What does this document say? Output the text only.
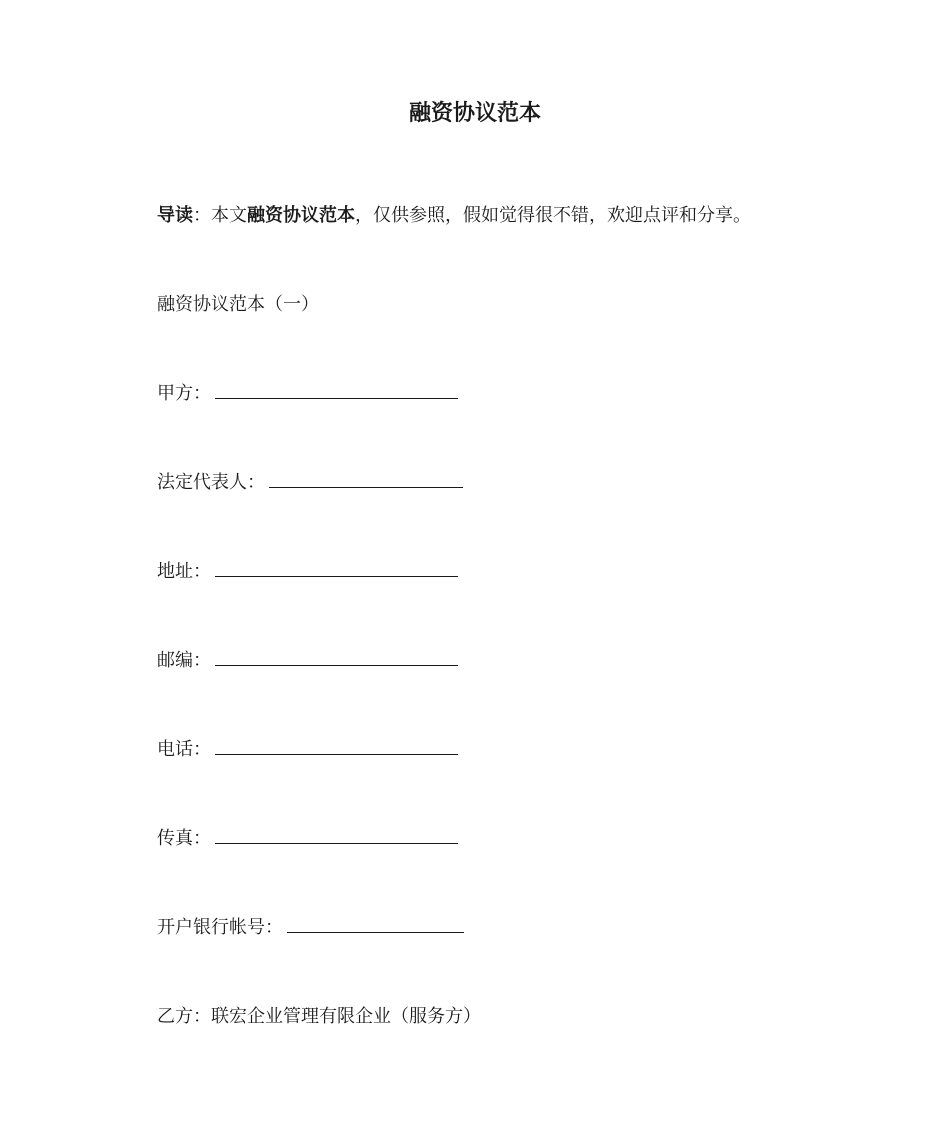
融资协议范本

导读：本文融资协议范本，仅供参照，假如觉得很不错，欢迎点评和分享。

融资协议范本（一）

甲方：

法定代表人：

地址：

邮编：

电话：

传真：

开户银行帐号：

乙方：联宏企业管理有限企业（服务方）
